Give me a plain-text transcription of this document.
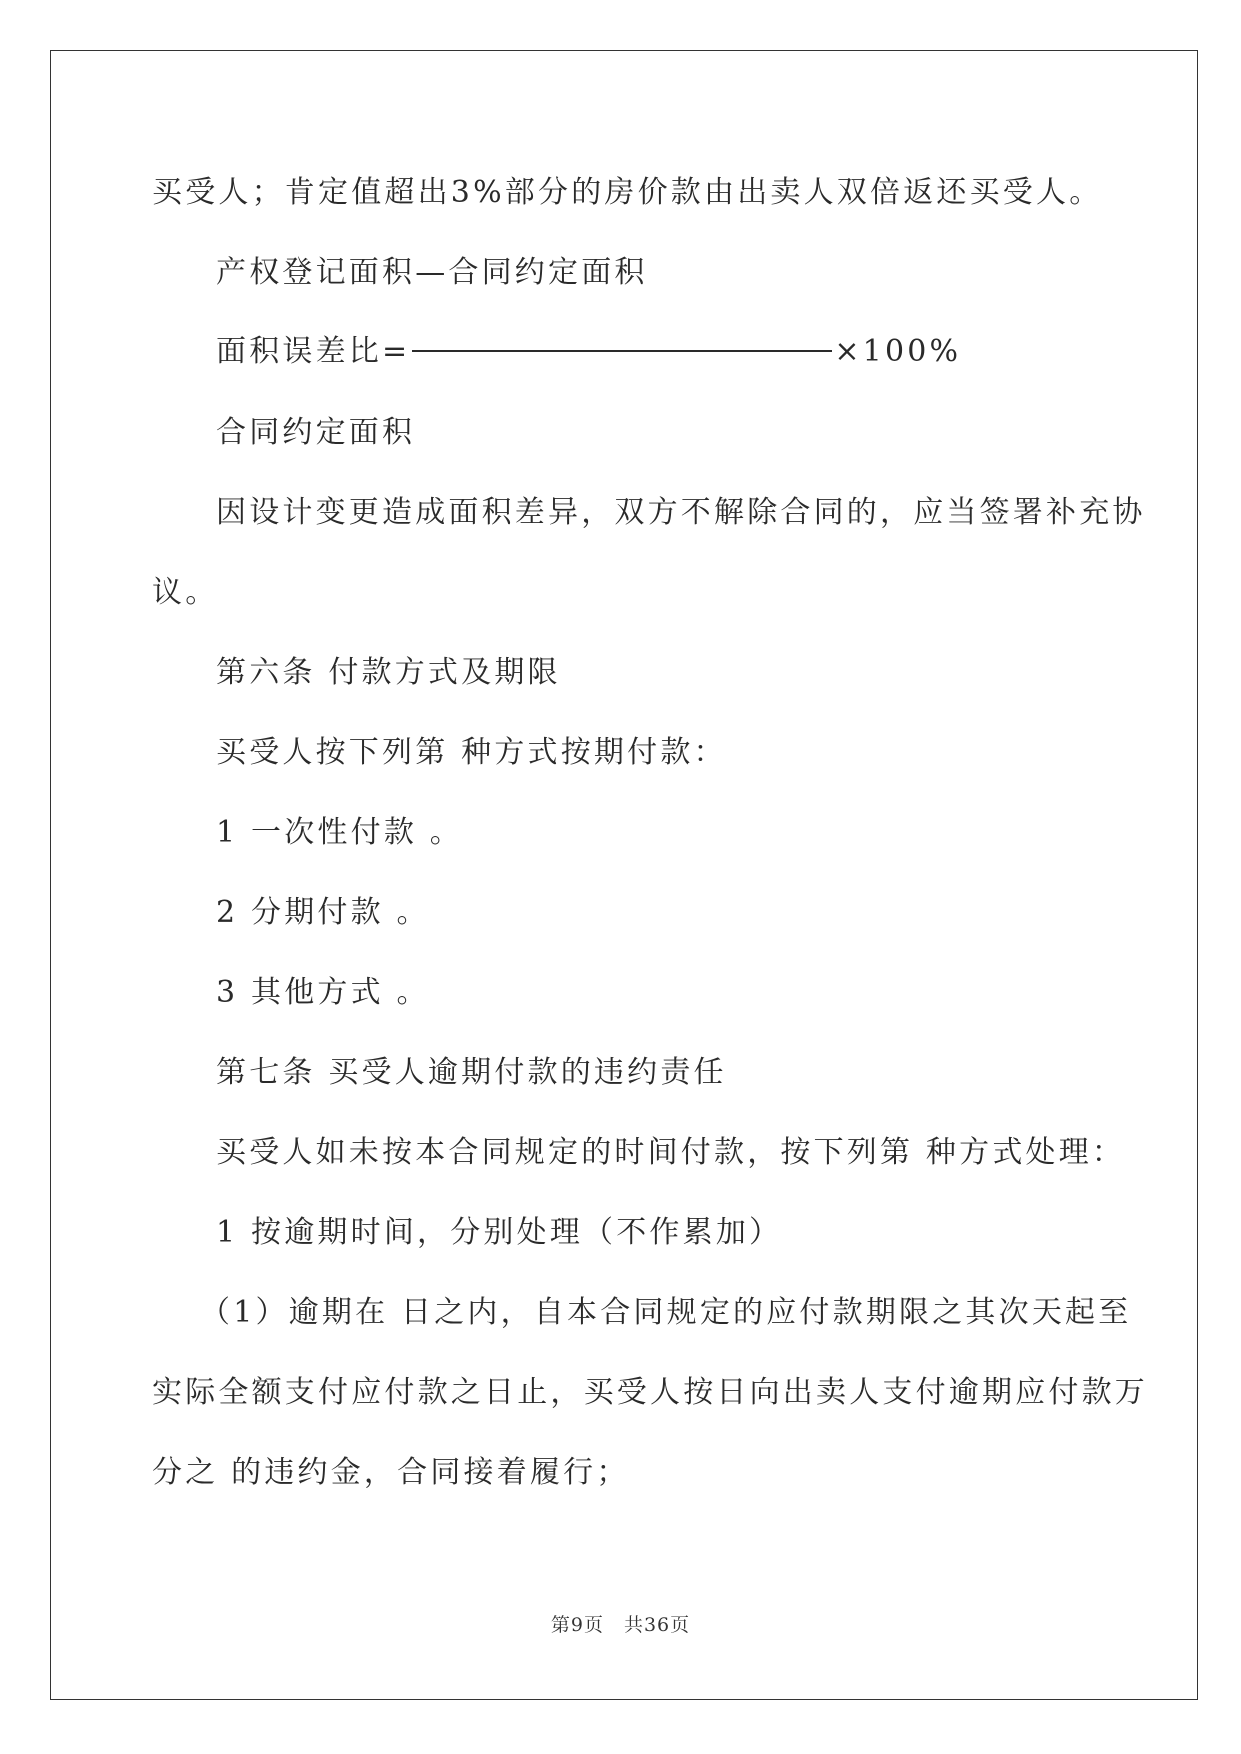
买受人；肯定值超出3%部分的房价款由出卖人双倍返还买受人。
产权登记面积—合同约定面积
面积误差比=	×100%
合同约定面积
因设计变更造成面积差异，双方不解除合同的，应当签署补充协
议。
第六条 付款方式及期限
买受人按下列第 种方式按期付款：
1 一次性付款 。
2 分期付款 。
3 其他方式 。
第七条 买受人逾期付款的违约责任
买受人如未按本合同规定的时间付款，按下列第 种方式处理：
1 按逾期时间，分别处理（不作累加）
（1）逾期在 日之内，自本合同规定的应付款期限之其次天起至
实际全额支付应付款之日止，买受人按日向出卖人支付逾期应付款万
分之 的违约金，合同接着履行；
第9页 共36页
